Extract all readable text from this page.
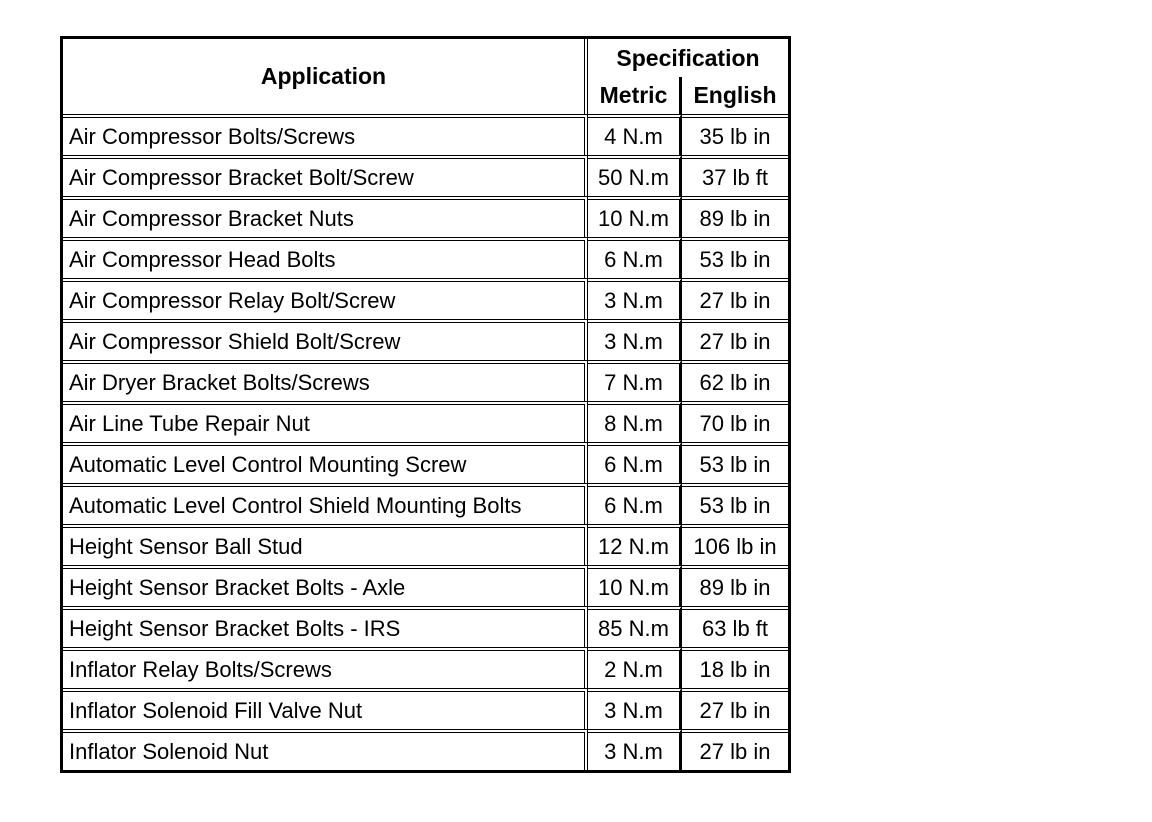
Application	Specification	
	Metric	English
Air Compressor Bolts/Screws	4 N.m	35 lb in
Air Compressor Bracket Bolt/Screw	50 N.m	37 lb ft
Air Compressor Bracket Nuts	10 N.m	89 lb in
Air Compressor Head Bolts	6 N.m	53 lb in
Air Compressor Relay Bolt/Screw	3 N.m	27 lb in
Air Compressor Shield Bolt/Screw	3 N.m	27 lb in
Air Dryer Bracket Bolts/Screws	7 N.m	62 lb in
Air Line Tube Repair Nut	8 N.m	70 lb in
Automatic Level Control Mounting Screw	6 N.m	53 lb in
Automatic Level Control Shield Mounting Bolts	6 N.m	53 lb in
Height Sensor Ball Stud	12 N.m	106 lb in
Height Sensor Bracket Bolts - Axle	10 N.m	89 lb in
Height Sensor Bracket Bolts - IRS	85 N.m	63 lb ft
Inflator Relay Bolts/Screws	2 N.m	18 lb in
Inflator Solenoid Fill Valve Nut	3 N.m	27 lb in
Inflator Solenoid Nut	3 N.m	27 lb in
